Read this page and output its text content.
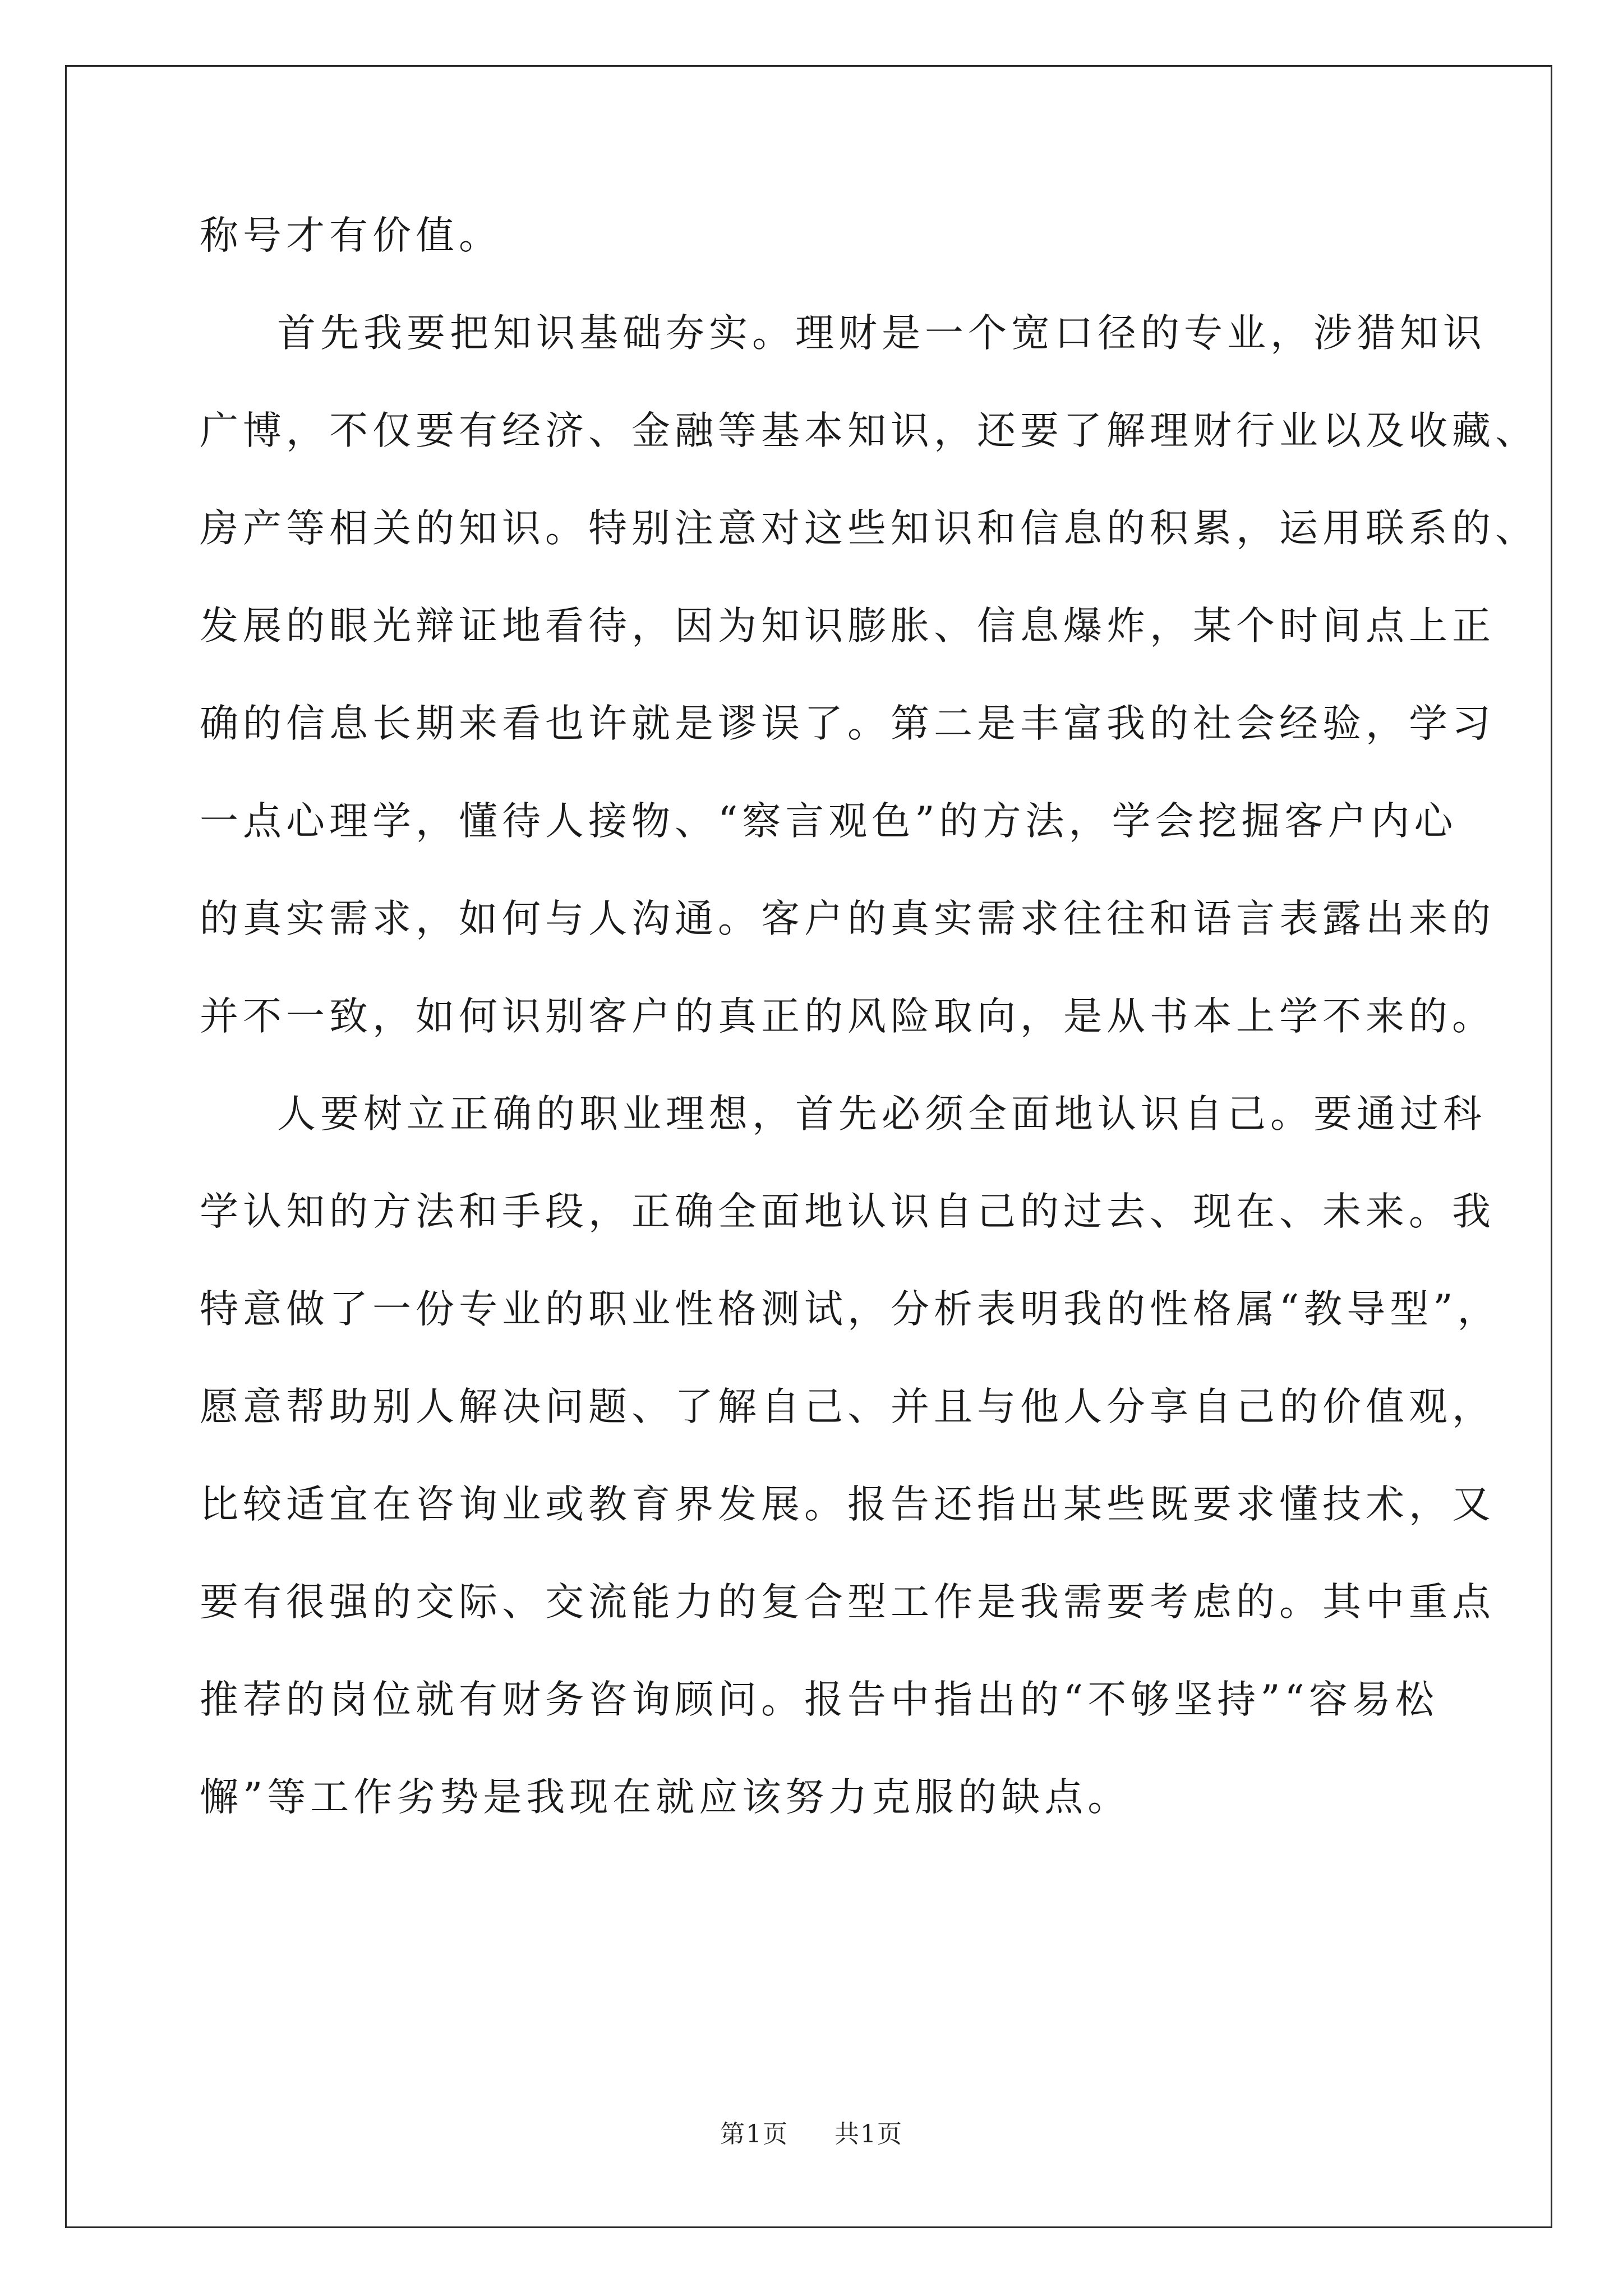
称号才有价值。
首先我要把知识基础夯实。理财是一个宽口径的专业，涉猎知识
广博，不仅要有经济、金融等基本知识，还要了解理财行业以及收藏、
房产等相关的知识。特别注意对这些知识和信息的积累，运用联系的、
发展的眼光辩证地看待，因为知识膨胀、信息爆炸，某个时间点上正
确的信息长期来看也许就是谬误了。第二是丰富我的社会经验，学习
一点心理学，懂待人接物、“察言观色”的方法，学会挖掘客户内心
的真实需求，如何与人沟通。客户的真实需求往往和语言表露出来的
并不一致，如何识别客户的真正的风险取向，是从书本上学不来的。
人要树立正确的职业理想，首先必须全面地认识自己。要通过科
学认知的方法和手段，正确全面地认识自己的过去、现在、未来。我
特意做了一份专业的职业性格测试，分析表明我的性格属“教导型”，
愿意帮助别人解决问题、了解自己、并且与他人分享自己的价值观，
比较适宜在咨询业或教育界发展。报告还指出某些既要求懂技术，又
要有很强的交际、交流能力的复合型工作是我需要考虑的。其中重点
推荐的岗位就有财务咨询顾问。报告中指出的“不够坚持”“容易松
懈”等工作劣势是我现在就应该努力克服的缺点。
第1页 共1页
